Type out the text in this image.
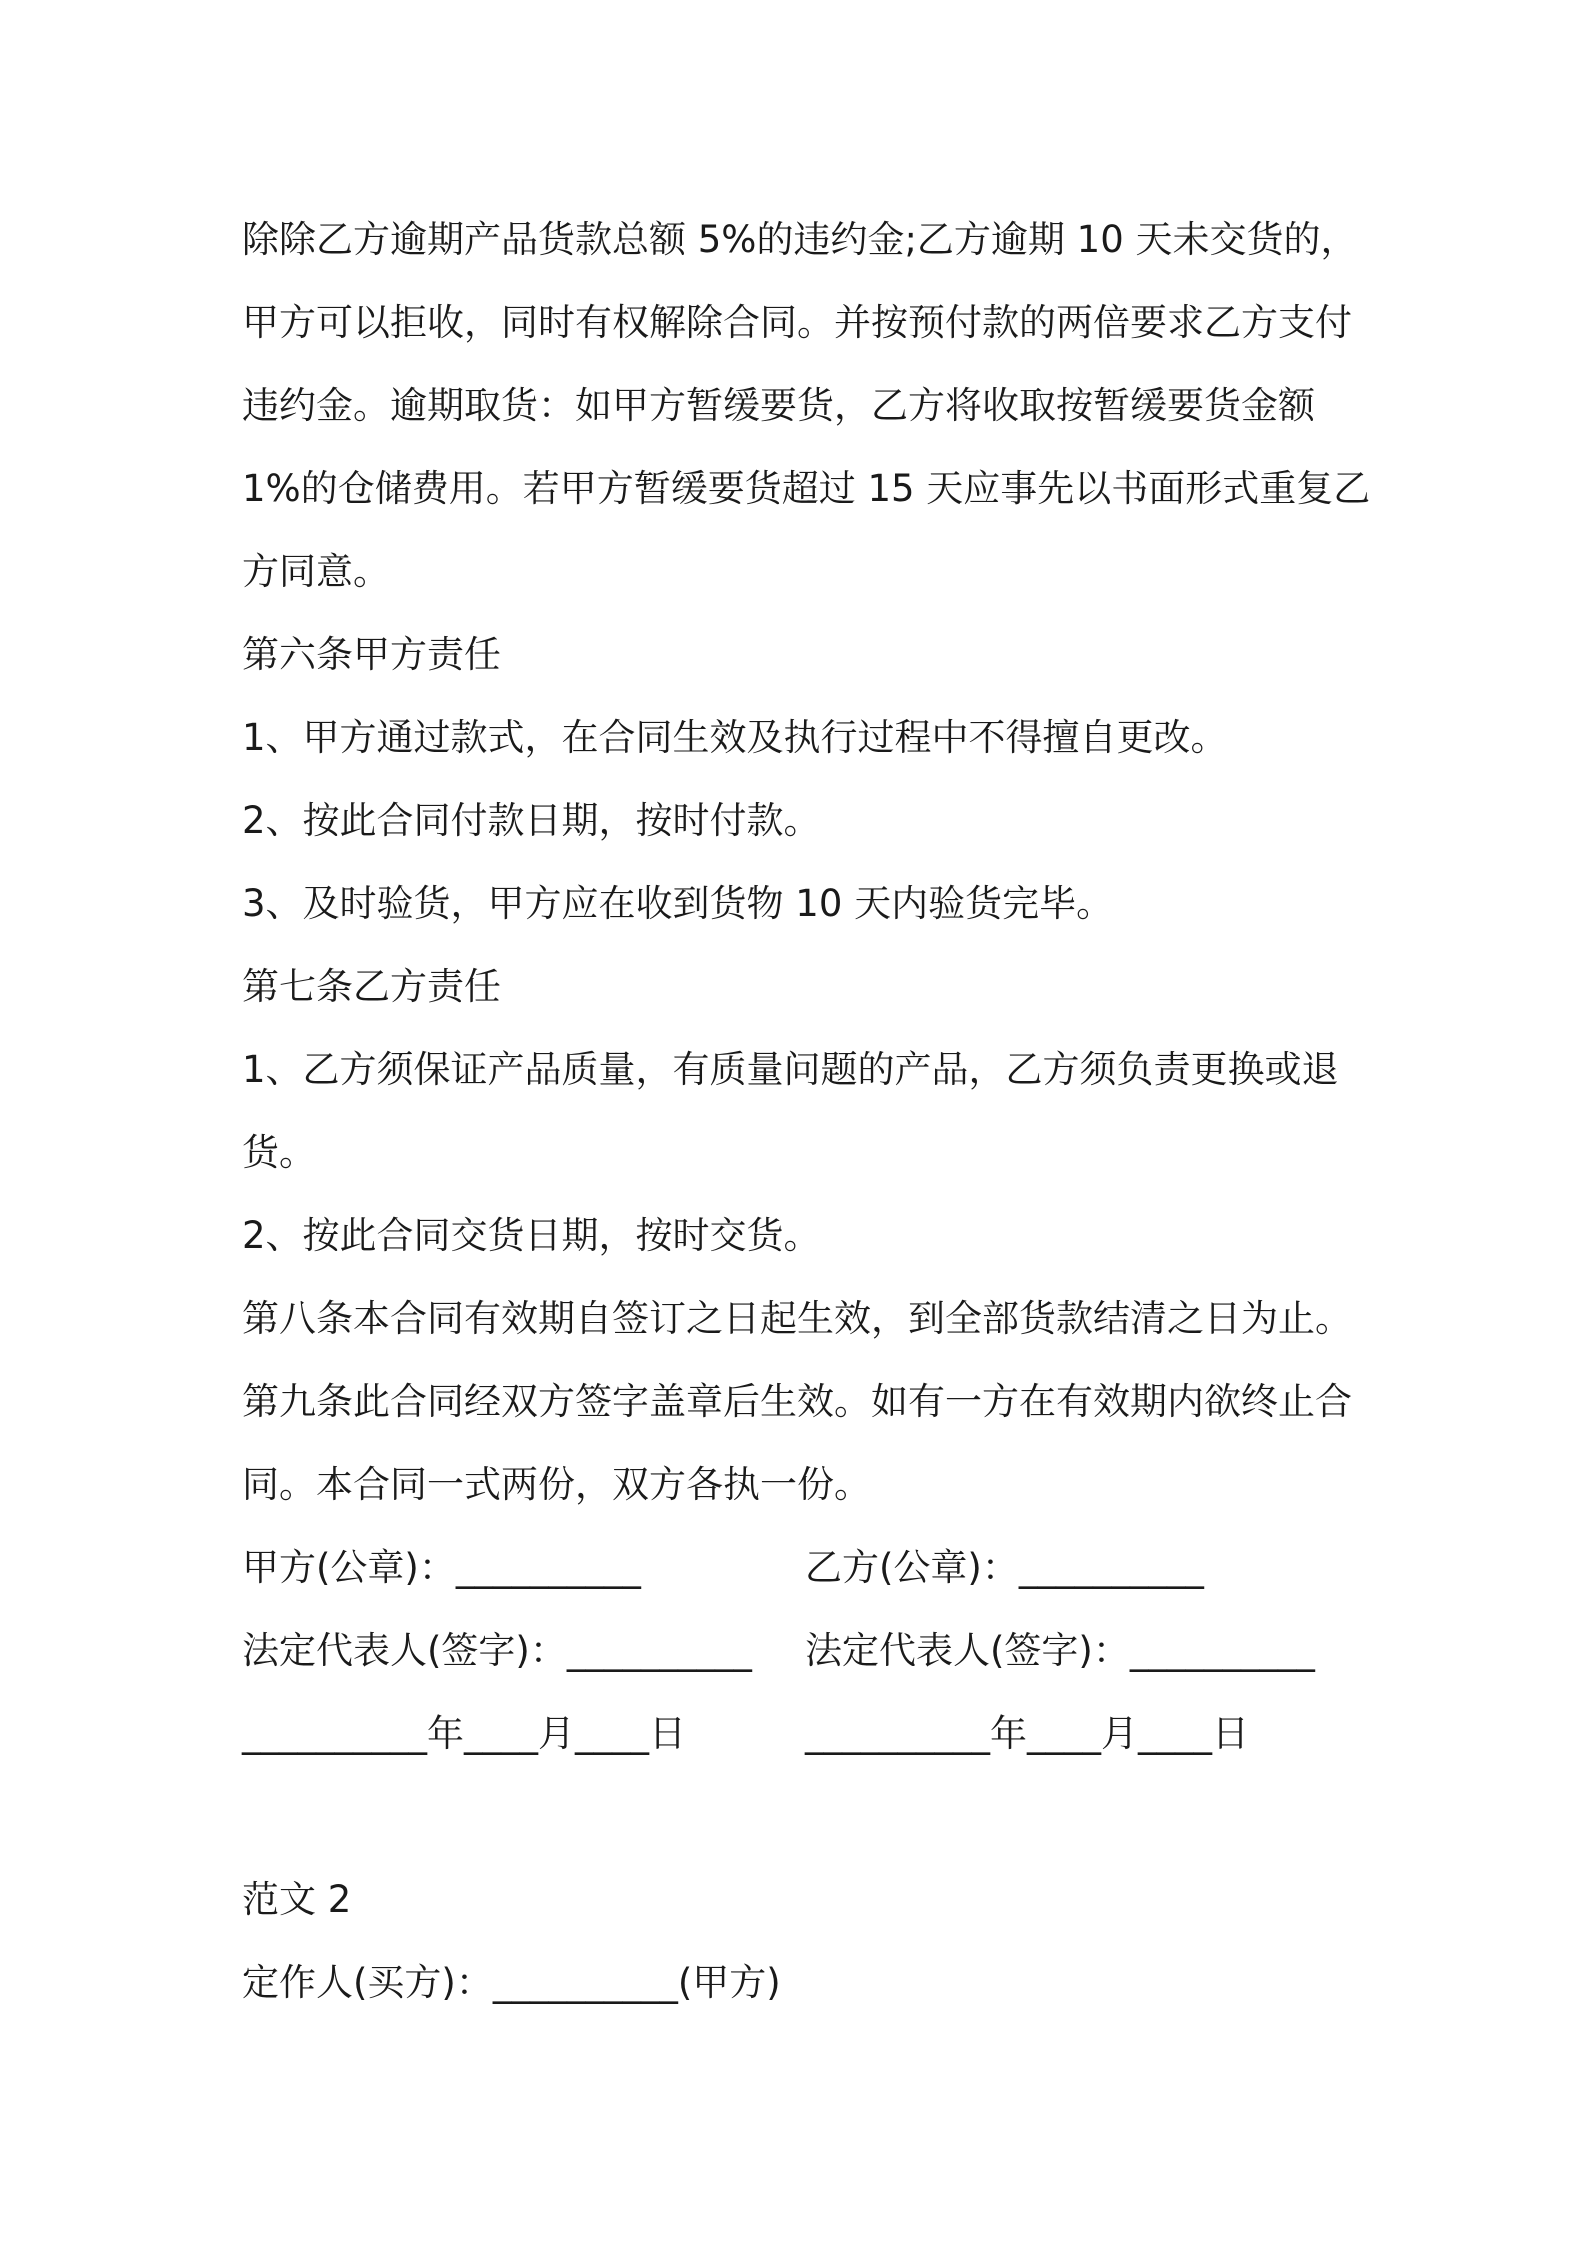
除除乙方逾期产品货款总额 5%的违约金;乙方逾期 10 天未交货的，

甲方可以拒收，同时有权解除合同。并按预付款的两倍要求乙方支付

违约金。逾期取货：如甲方暂缓要货，乙方将收取按暂缓要货金额

1%的仓储费用。若甲方暂缓要货超过 15 天应事先以书面形式重复乙

方同意。

第六条甲方责任

1、甲方通过款式，在合同生效及执行过程中不得擅自更改。

2、按此合同付款日期，按时付款。

3、及时验货，甲方应在收到货物 10 天内验货完毕。

第七条乙方责任

1、乙方须保证产品质量，有质量问题的产品，乙方须负责更换或退

货。

2、按此合同交货日期，按时交货。

第八条本合同有效期自签订之日起生效，到全部货款结清之日为止。

第九条此合同经双方签字盖章后生效。如有一方在有效期内欲终止合

同。本合同一式两份，双方各执一份。

甲方(公章)：__________	乙方(公章)：__________
法定代表人(签字)：__________ 法定代表人(签字)：__________
__________年____月____日	__________年____月____日

范文 2

定作人(买方)：__________(甲方)
